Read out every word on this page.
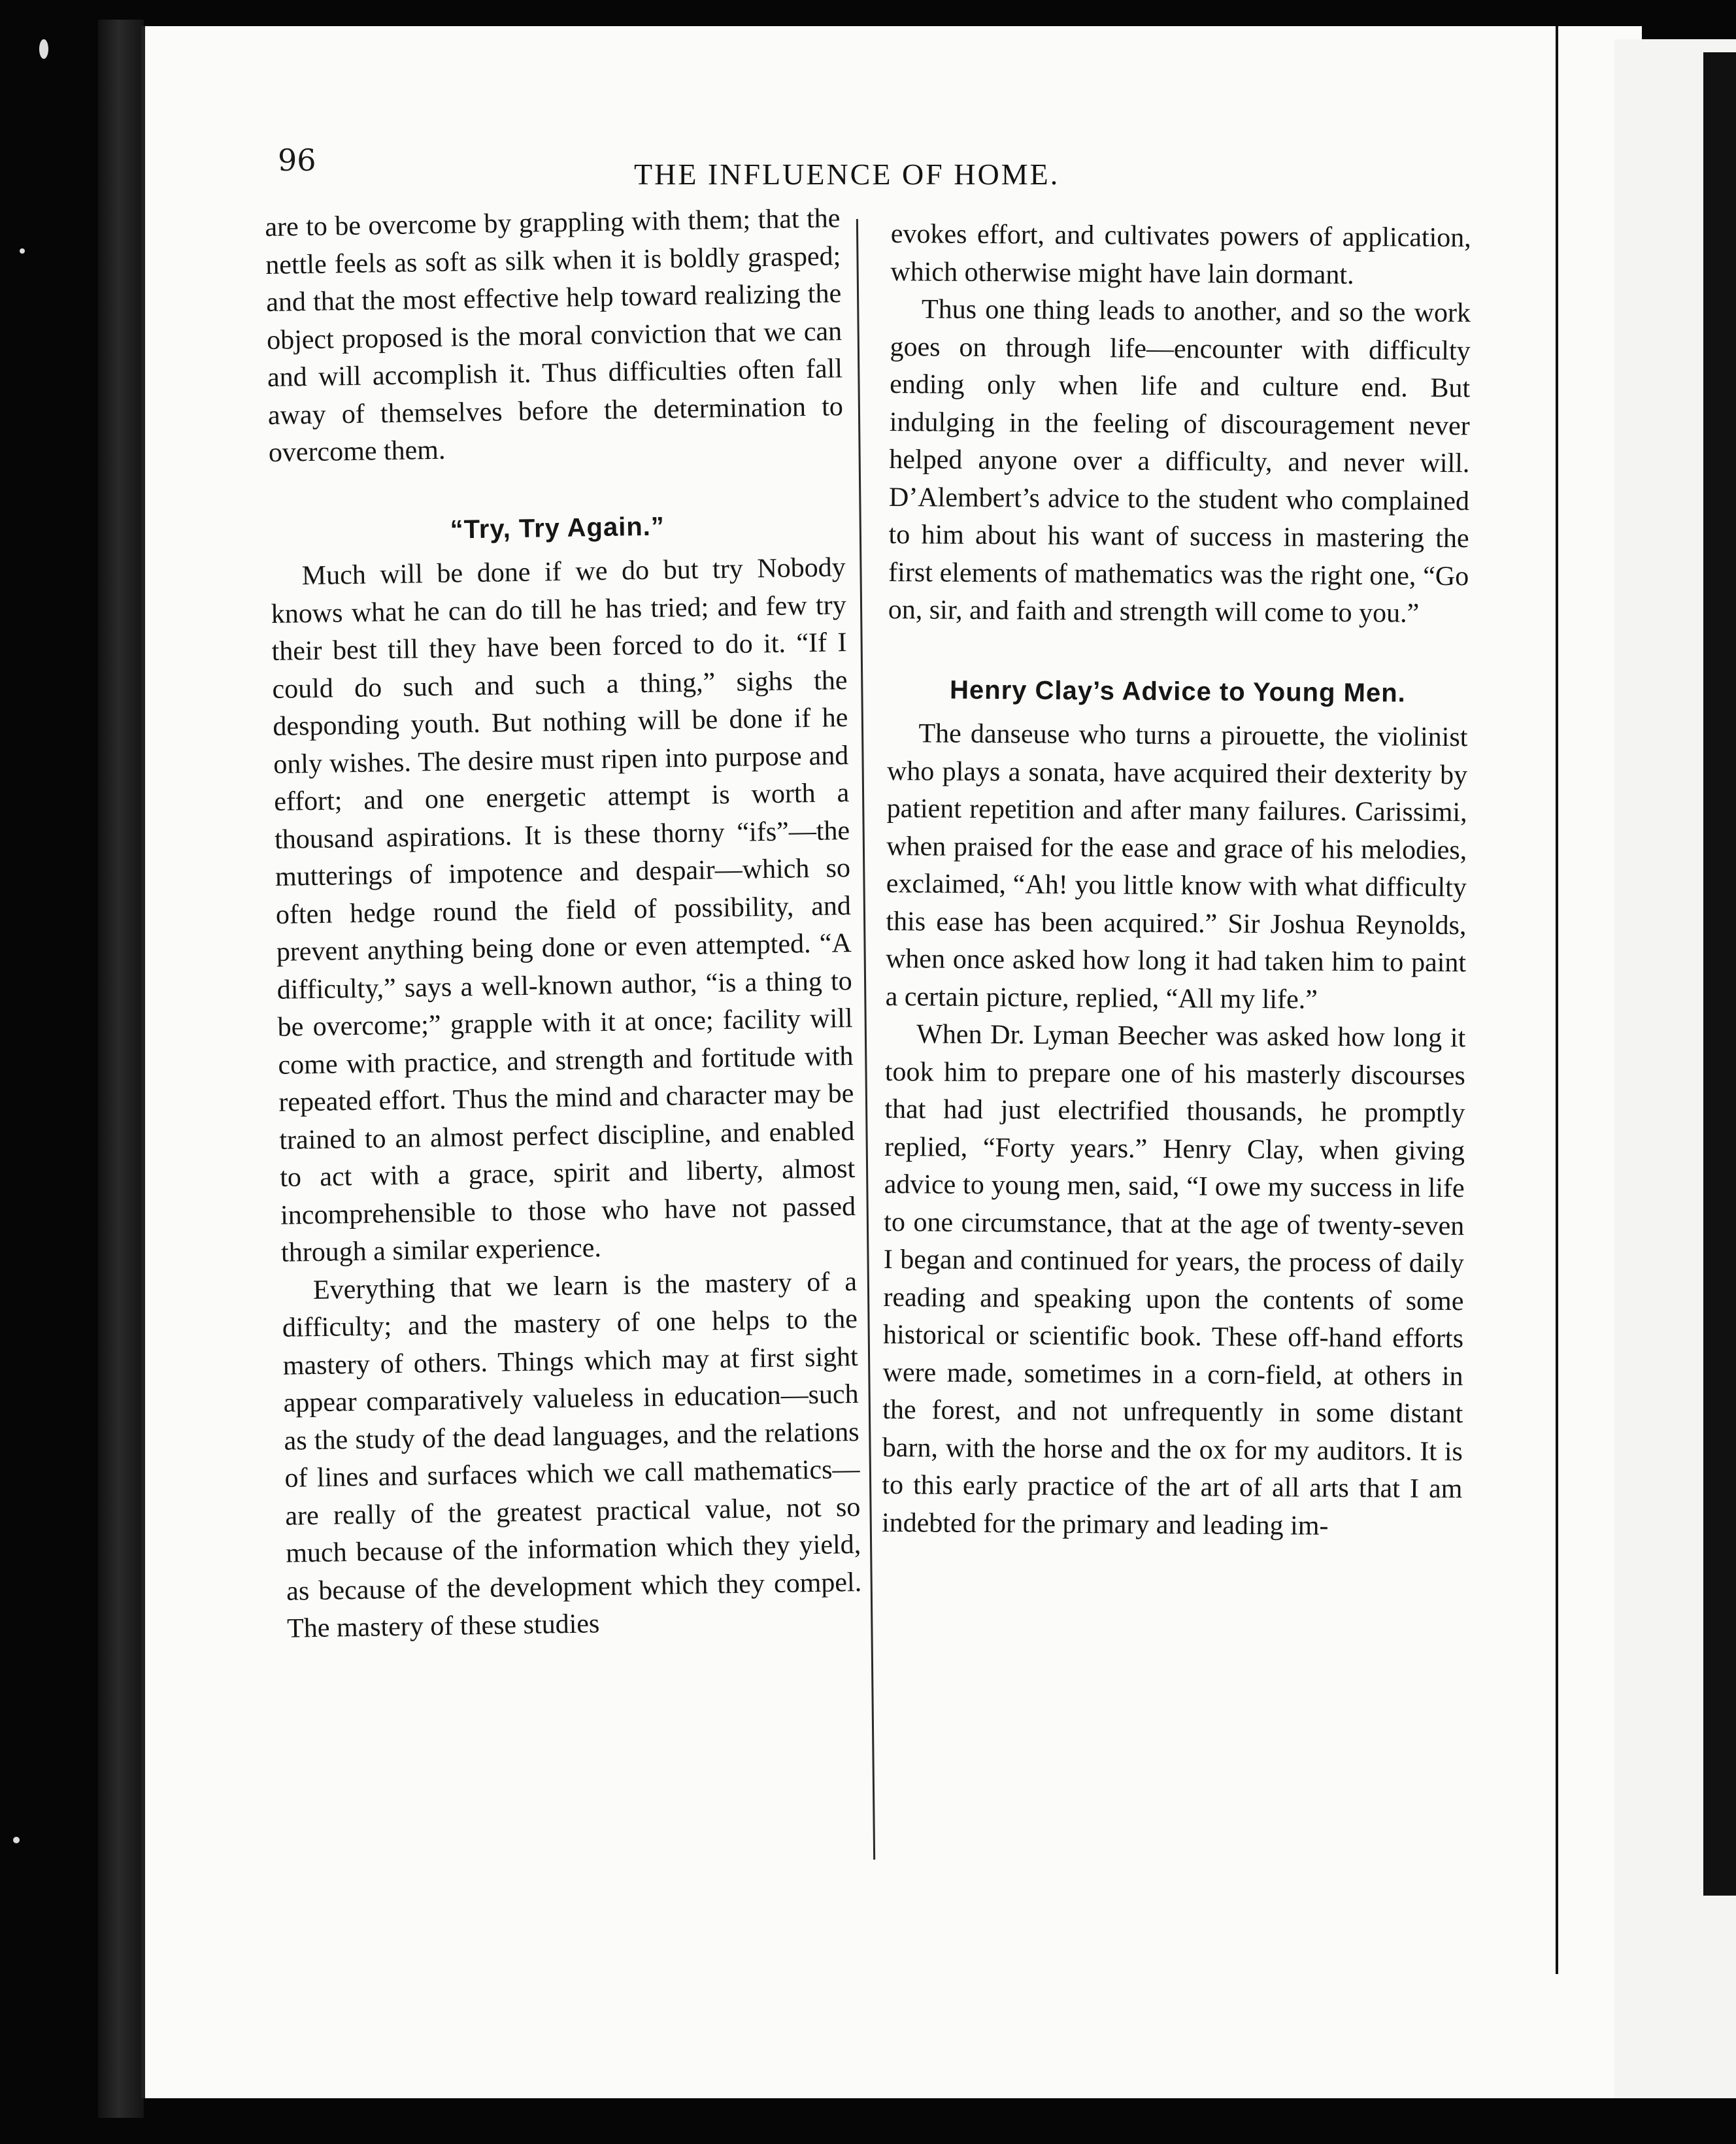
96	THE INFLUENCE OF HOME.

are to be overcome by grappling with them; that the nettle feels as soft as silk when it is boldly grasped; and that the most effective help toward realizing the object proposed is the moral conviction that we can and will accomplish it. Thus difficulties often fall away of themselves before the determination to overcome them.

“Try, Try Again.”

Much will be done if we do but try Nobody knows what he can do till he has tried; and few try their best till they have been forced to do it. “If I could do such and such a thing,” sighs the desponding youth. But nothing will be done if he only wishes. The desire must ripen into purpose and effort; and one energetic attempt is worth a thousand aspirations. It is these thorny “ifs”—the mutterings of impotence and despair—which so often hedge round the field of possibility, and prevent anything being done or even attempted. “A difficulty,” says a well-known author, “is a thing to be overcome;” grapple with it at once; facility will come with practice, and strength and fortitude with repeated effort. Thus the mind and character may be trained to an almost perfect discipline, and enabled to act with a grace, spirit and liberty, almost incomprehensible to those who have not passed through a similar experience.

Everything that we learn is the mastery of a difficulty; and the mastery of one helps to the mastery of others. Things which may at first sight appear comparatively valueless in education—such as the study of the dead languages, and the relations of lines and surfaces which we call mathematics—are really of the greatest practical value, not so much because of the information which they yield, as because of the development which they compel. The mastery of these studies

evokes effort, and cultivates powers of application, which otherwise might have lain dormant.

Thus one thing leads to another, and so the work goes on through life—encounter with difficulty ending only when life and culture end. But indulging in the feeling of discouragement never helped anyone over a difficulty, and never will. D’Alembert’s advice to the student who complained to him about his want of success in mastering the first elements of mathematics was the right one, “Go on, sir, and faith and strength will come to you.”

Henry Clay’s Advice to Young Men.

The danseuse who turns a pirouette, the violinist who plays a sonata, have acquired their dexterity by patient repetition and after many failures. Carissimi, when praised for the ease and grace of his melodies, exclaimed, “Ah! you little know with what difficulty this ease has been acquired.” Sir Joshua Reynolds, when once asked how long it had taken him to paint a certain picture, replied, “All my life.”

When Dr. Lyman Beecher was asked how long it took him to prepare one of his masterly discourses that had just electrified thousands, he promptly replied, “Forty years.” Henry Clay, when giving advice to young men, said, “I owe my success in life to one circumstance, that at the age of twenty-seven I began and continued for years, the process of daily reading and speaking upon the contents of some historical or scientific book. These off-hand efforts were made, sometimes in a corn-field, at others in the forest, and not unfrequently in some distant barn, with the horse and the ox for my auditors. It is to this early practice of the art of all arts that I am indebted for the primary and leading im-
